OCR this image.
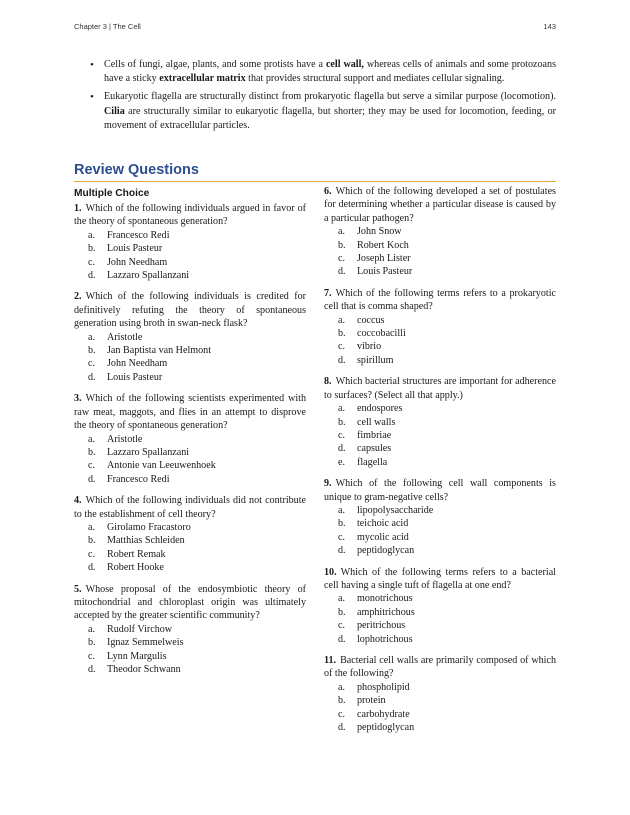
Chapter 3 | The Cell	143
• Cells of fungi, algae, plants, and some protists have a cell wall, whereas cells of animals and some protozoans have a sticky extracellular matrix that provides structural support and mediates cellular signaling.
• Eukaryotic flagella are structurally distinct from prokaryotic flagella but serve a similar purpose (locomotion). Cilia are structurally similar to eukaryotic flagella, but shorter; they may be used for locomotion, feeding, or movement of extracellular particles.
Review Questions
Multiple Choice
1. Which of the following individuals argued in favor of the theory of spontaneous generation?
a.	Francesco Redi
b.	Louis Pasteur
c.	John Needham
d.	Lazzaro Spallanzani
2. Which of the following individuals is credited for definitively refuting the theory of spontaneous generation using broth in swan-neck flask?
a.	Aristotle
b.	Jan Baptista van Helmont
c.	John Needham
d.	Louis Pasteur
3. Which of the following scientists experimented with raw meat, maggots, and flies in an attempt to disprove the theory of spontaneous generation?
a.	Aristotle
b.	Lazzaro Spallanzani
c.	Antonie van Leeuwenhoek
d.	Francesco Redi
4. Which of the following individuals did not contribute to the establishment of cell theory?
a.	Girolamo Fracastoro
b.	Matthias Schleiden
c.	Robert Remak
d.	Robert Hooke
5. Whose proposal of the endosymbiotic theory of mitochondrial and chloroplast origin was ultimately accepted by the greater scientific community?
a.	Rudolf Virchow
b.	Ignaz Semmelweis
c.	Lynn Margulis
d.	Theodor Schwann
6. Which of the following developed a set of postulates for determining whether a particular disease is caused by a particular pathogen?
a.	John Snow
b.	Robert Koch
c.	Joseph Lister
d.	Louis Pasteur
7. Which of the following terms refers to a prokaryotic cell that is comma shaped?
a.	coccus
b.	coccobacilli
c.	vibrio
d.	spirillum
8. Which bacterial structures are important for adherence to surfaces? (Select all that apply.)
a.	endospores
b.	cell walls
c.	fimbriae
d.	capsules
e.	flagella
9. Which of the following cell wall components is unique to gram-negative cells?
a.	lipopolysaccharide
b.	teichoic acid
c.	mycolic acid
d.	peptidoglycan
10. Which of the following terms refers to a bacterial cell having a single tuft of flagella at one end?
a.	monotrichous
b.	amphitrichous
c.	peritrichous
d.	lophotrichous
11. Bacterial cell walls are primarily composed of which of the following?
a.	phospholipid
b.	protein
c.	carbohydrate
d.	peptidoglycan
